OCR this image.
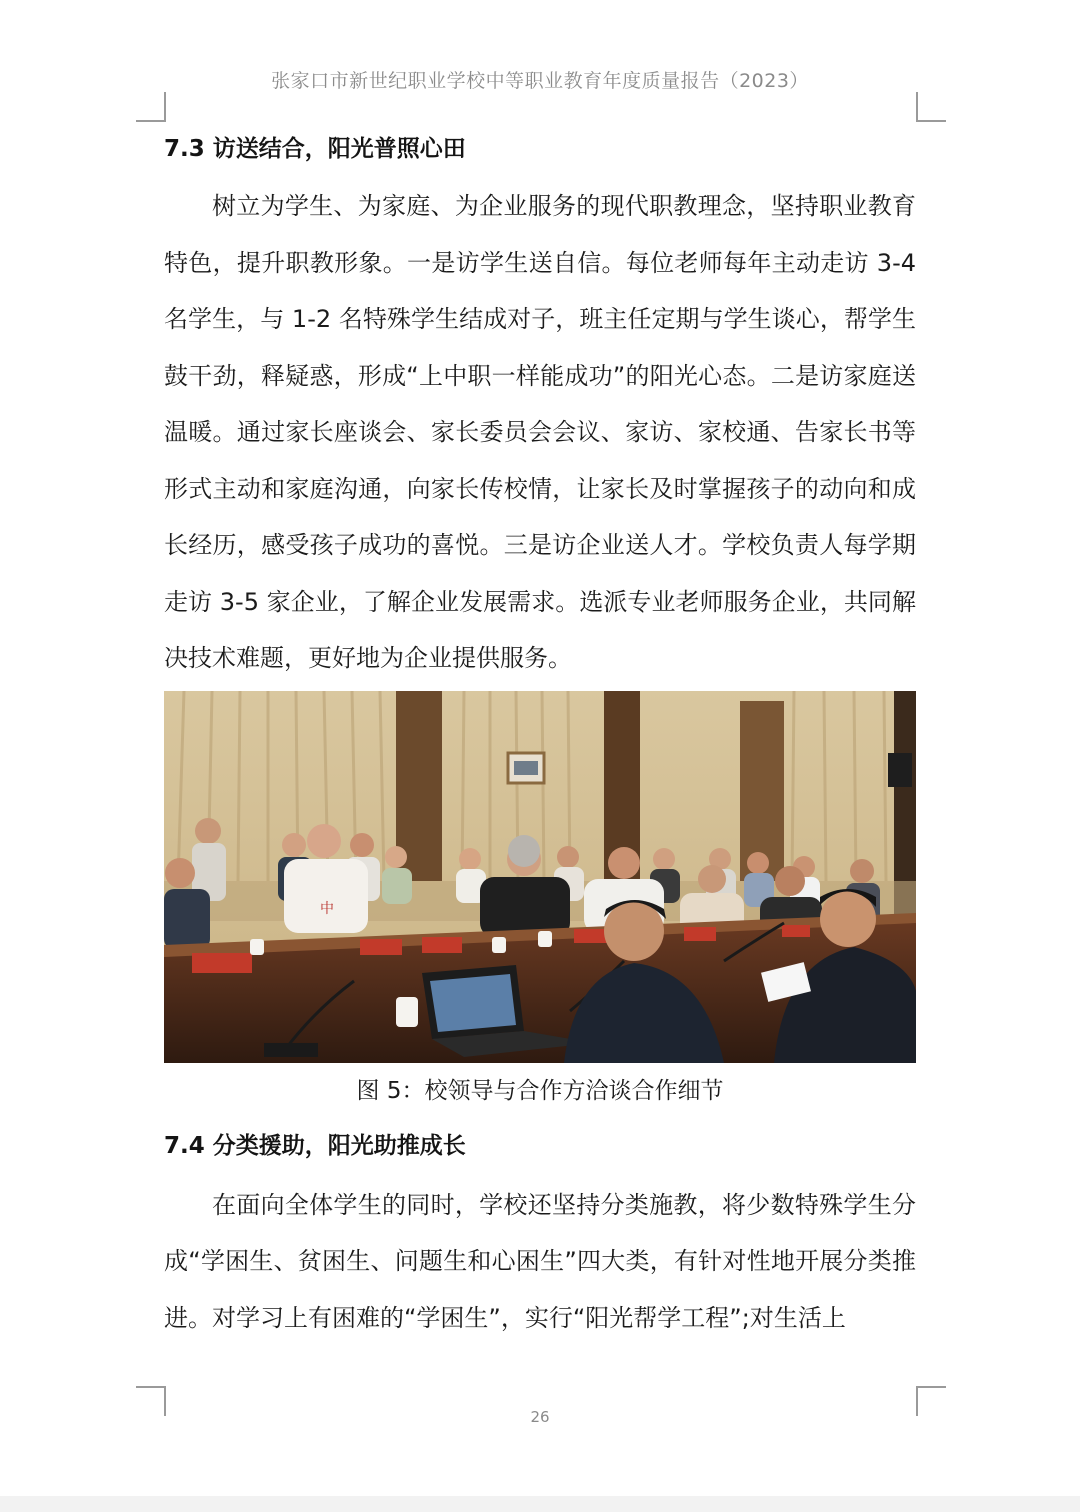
张家口市新世纪职业学校中等职业教育年度质量报告（2023）
7.3 访送结合，阳光普照心田

树立为学生、为家庭、为企业服务的现代职教理念，坚持职业教育特色，提升职教形象。一是访学生送自信。每位老师每年主动走访 3-4 名学生，与 1-2 名特殊学生结成对子，班主任定期与学生谈心，帮学生鼓干劲，释疑惑，形成“上中职一样能成功”的阳光心态。二是访家庭送温暖。通过家长座谈会、家长委员会会议、家访、家校通、告家长书等形式主动和家庭沟通，向家长传校情，让家长及时掌握孩子的动向和成长经历，感受孩子成功的喜悦。三是访企业送人才。学校负责人每学期走访 3-5 家企业，了解企业发展需求。选派专业老师服务企业，共同解决技术难题，更好地为企业提供服务。

中

图 5：校领导与合作方洽谈合作细节

7.4 分类援助，阳光助推成长

在面向全体学生的同时，学校还坚持分类施教，将少数特殊学生分成“学困生、贫困生、问题生和心困生”四大类，有针对性地开展分类推进。对学习上有困难的“学困生”，实行“阳光帮学工程”;对生活上

26
